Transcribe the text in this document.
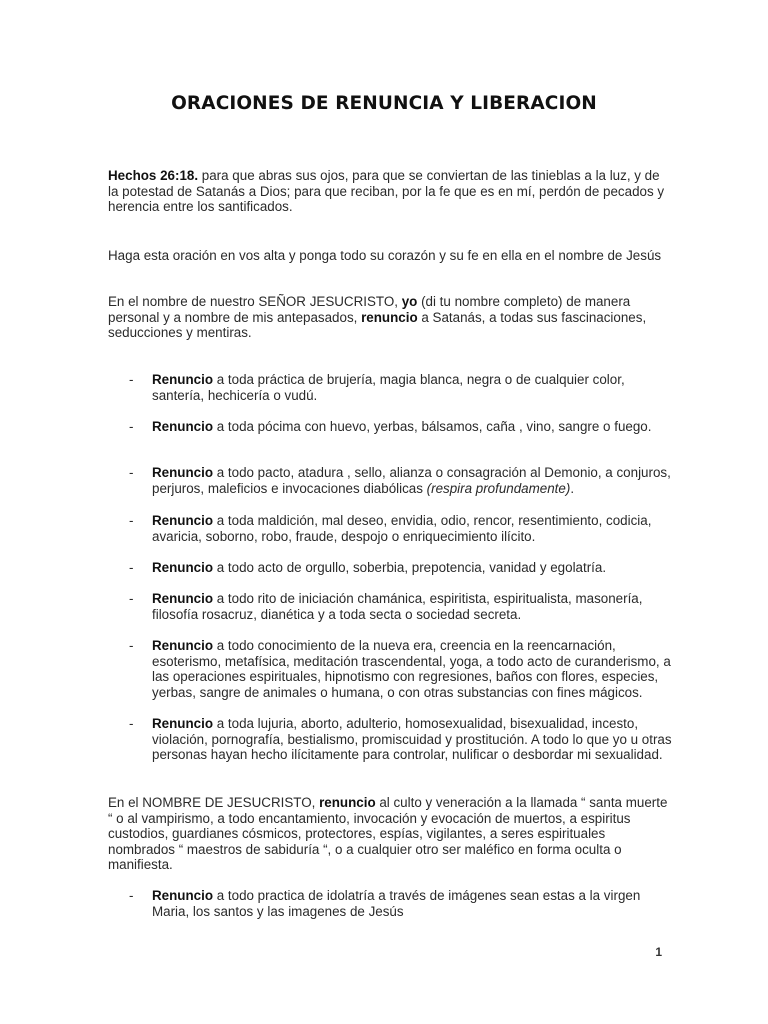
ORACIONES DE RENUNCIA Y LIBERACION

Hechos 26:18. para que abras sus ojos, para que se conviertan de las tinieblas a la luz, y de la potestad de Satanás a Dios; para que reciban, por la fe que es en mí, perdón de pecados y herencia entre los santificados.

Haga esta oración en vos alta y ponga todo su corazón y su fe en ella en el nombre de Jesús

En el nombre de nuestro SEÑOR JESUCRISTO, yo (di tu nombre completo) de manera personal y a nombre de mis antepasados, renuncio a Satanás, a todas sus fascinaciones, seducciones y mentiras.

- Renuncio a toda práctica de brujería, magia blanca, negra o de cualquier color, santería, hechicería o vudú.
- Renuncio a toda pócima con huevo, yerbas, bálsamos, caña , vino, sangre o fuego.
- Renuncio a todo pacto, atadura , sello, alianza o consagración al Demonio, a conjuros, perjuros, maleficios e invocaciones diabólicas (respira profundamente).
- Renuncio a toda maldición, mal deseo, envidia, odio, rencor, resentimiento, codicia, avaricia, soborno, robo, fraude, despojo o enriquecimiento ilícito.
- Renuncio a todo acto de orgullo, soberbia, prepotencia, vanidad y egolatría.
- Renuncio a todo rito de iniciación chamánica, espiritista, espiritualista, masonería, filosofía rosacruz, dianética y a toda secta o sociedad secreta.
- Renuncio a todo conocimiento de la nueva era, creencia en la reencarnación, esoterismo, metafísica, meditación trascendental, yoga, a todo acto de curanderismo, a las operaciones espirituales, hipnotismo con regresiones, baños con flores, especies, yerbas, sangre de animales o humana, o con otras substancias con fines mágicos.
- Renuncio a toda lujuria, aborto, adulterio, homosexualidad, bisexualidad, incesto, violación, pornografía, bestialismo, promiscuidad y prostitución. A todo lo que yo u otras personas hayan hecho ilícitamente para controlar, nulificar o desbordar mi sexualidad.

En el NOMBRE DE JESUCRISTO, renuncio al culto y veneración a la llamada “ santa muerte “ o al vampirismo, a todo encantamiento, invocación y evocación de muertos, a espiritus custodios, guardianes cósmicos, protectores, espías, vigilantes, a seres espirituales nombrados “ maestros de sabiduría “, o a cualquier otro ser maléfico en forma oculta o manifiesta.

- Renuncio a todo practica de idolatría a través de imágenes sean estas a la virgen Maria, los santos y las imagenes de Jesús
1
